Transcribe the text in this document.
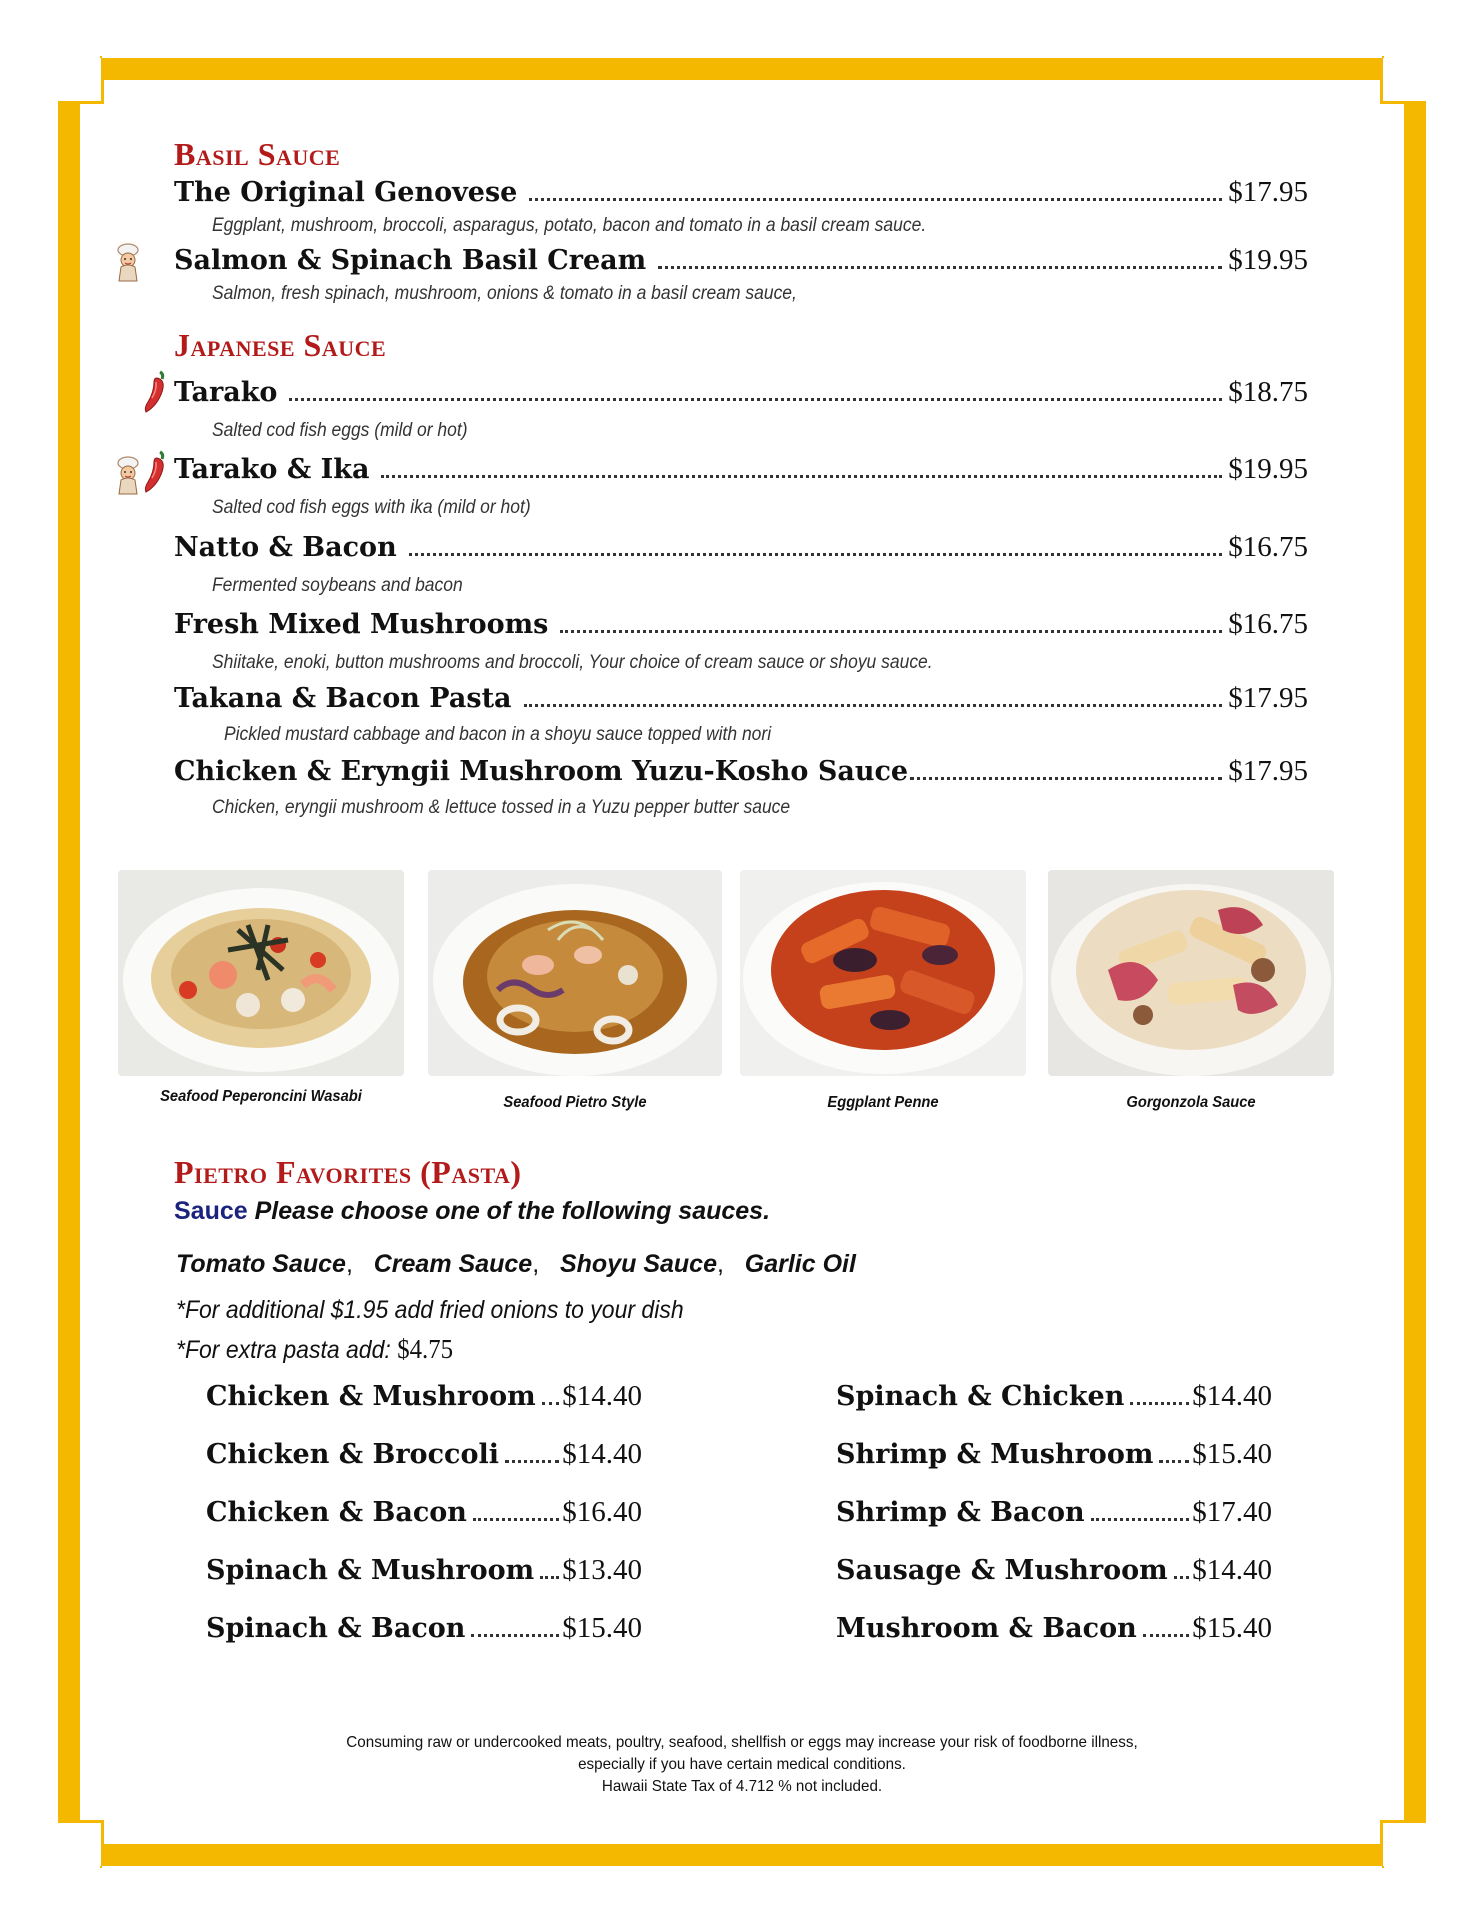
Basil Sauce
The Original Genovese	$17.95
Eggplant, mushroom, broccoli, asparagus, potato, bacon and tomato in a basil cream sauce.
Salmon & Spinach Basil Cream	$19.95
Salmon, fresh spinach, mushroom, onions & tomato in a basil cream sauce,
Japanese Sauce
Tarako	$18.75
Salted cod fish eggs (mild or hot)
Tarako & Ika	$19.95
Salted cod fish eggs with ika (mild or hot)
Natto & Bacon	$16.75
Fermented soybeans and bacon
Fresh Mixed Mushrooms	$16.75
Shiitake, enoki, button mushrooms and broccoli, Your choice of cream sauce or shoyu sauce.
Takana & Bacon Pasta	$17.95
Pickled mustard cabbage and bacon in a shoyu sauce topped with nori
Chicken & Eryngii Mushroom Yuzu-Kosho Sauce	$17.95
Chicken, eryngii mushroom & lettuce tossed in a Yuzu pepper butter sauce
Seafood Peperoncini Wasabi	Seafood Pietro Style	Eggplant Penne	Gorgonzola Sauce
Pietro Favorites (Pasta)
Sauce Please choose one of the following sauces.
Tomato Sauce, Cream Sauce, Shoyu Sauce, Garlic Oil
*For additional $1.95 add fried onions to your dish
*For extra pasta add: $4.75
Chicken & Mushroom $14.40
Chicken & Broccoli $14.40
Chicken & Bacon	$16.40
Spinach & Mushroom $13.40
Spinach & Bacon	$15.40
Spinach & Chicken $14.40
Shrimp & Mushroom $15.40
Shrimp & Bacon	$17.40
Sausage & Mushroom $14.40
Mushroom & Bacon $15.40
Consuming raw or undercooked meats, poultry, seafood, shellfish or eggs may increase your risk of foodborne illness,
especially if you have certain medical conditions.
Hawaii State Tax of 4.712 % not included.
